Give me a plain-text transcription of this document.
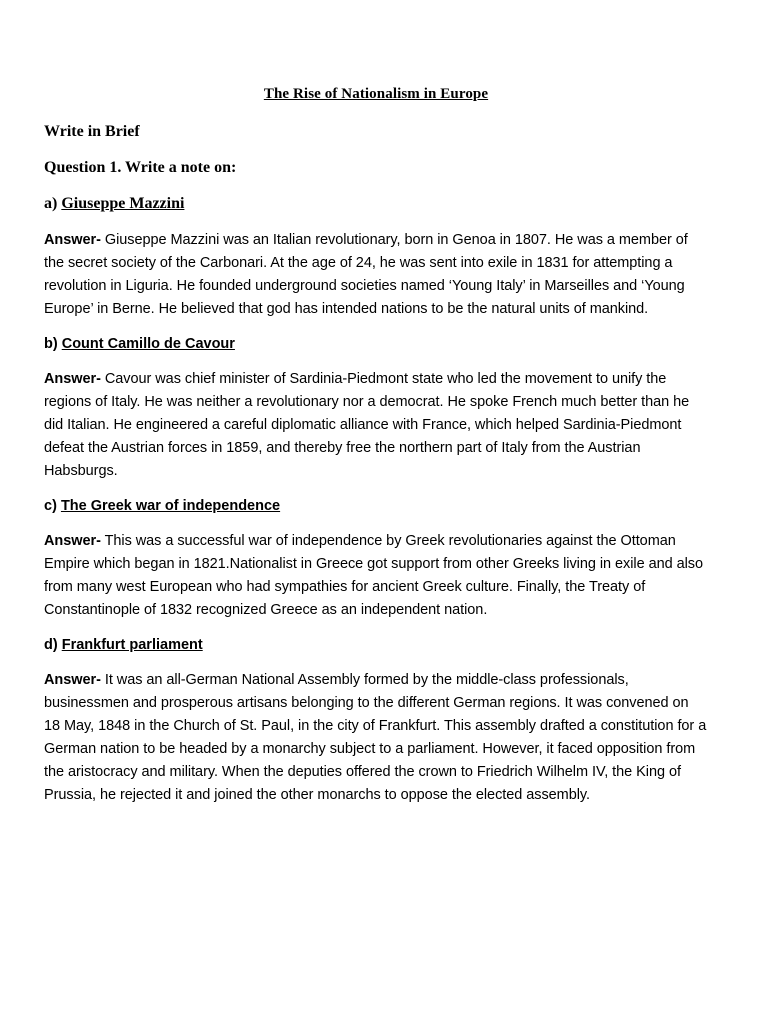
The Rise of Nationalism in Europe
Write in Brief
Question 1. Write a note on:
a) Giuseppe Mazzini
Answer- Giuseppe Mazzini was an Italian revolutionary, born in Genoa in 1807. He was a member of the secret society of the Carbonari. At the age of 24, he was sent into exile in 1831 for attempting a revolution in Liguria. He founded underground societies named ‘Young Italy’ in Marseilles and ‘Young Europe’ in Berne. He believed that god has intended nations to be the natural units of mankind.
b) Count Camillo de Cavour
Answer- Cavour was chief minister of Sardinia-Piedmont state who led the movement to unify the regions of Italy. He was neither a revolutionary nor a democrat. He spoke French much better than he did Italian. He engineered a careful diplomatic alliance with France, which helped Sardinia-Piedmont defeat the Austrian forces in 1859, and thereby free the northern part of Italy from the Austrian Habsburgs.
c) The Greek war of independence
Answer- This was a successful war of independence by Greek revolutionaries against the Ottoman Empire which began in 1821.Nationalist in Greece got support from other Greeks living in exile and also from many west European who had sympathies for ancient Greek culture. Finally, the Treaty of Constantinople of 1832 recognized Greece as an independent nation.
d) Frankfurt parliament
Answer- It was an all-German National Assembly formed by the middle-class professionals, businessmen and prosperous artisans belonging to the different German regions. It was convened on 18 May, 1848 in the Church of St. Paul, in the city of Frankfurt. This assembly drafted a constitution for a German nation to be headed by a monarchy subject to a parliament. However, it faced opposition from the aristocracy and military. When the deputies offered the crown to Friedrich Wilhelm IV, the King of Prussia, he rejected it and joined the other monarchs to oppose the elected assembly.
